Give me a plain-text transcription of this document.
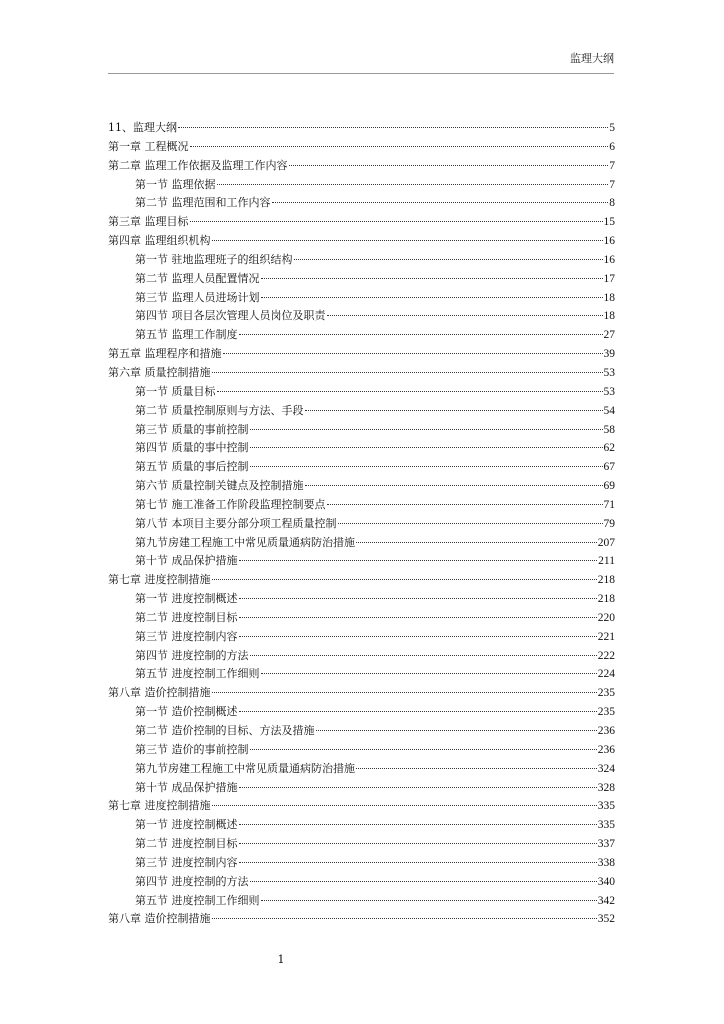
监理大纲
11、监理大纲	5
第一章 工程概况	6
第二章 监理工作依据及监理工作内容	7
第一节 监理依据	7
第二节 监理范围和工作内容	8
第三章 监理目标	15
第四章 监理组织机构	16
第一节 驻地监理班子的组织结构	16
第二节 监理人员配置情况	17
第三节 监理人员进场计划	18
第四节 项目各层次管理人员岗位及职责	18
第五节 监理工作制度	27
第五章 监理程序和措施	39
第六章 质量控制措施	53
第一节 质量目标	53
第二节 质量控制原则与方法、手段	54
第三节 质量的事前控制	58
第四节 质量的事中控制	62
第五节 质量的事后控制	67
第六节 质量控制关键点及控制措施	69
第七节 施工准备工作阶段监理控制要点	71
第八节 本项目主要分部分项工程质量控制	79
第九节房建工程施工中常见质量通病防治措施	207
第十节 成品保护措施	211
第七章 进度控制措施	218
第一节 进度控制概述	218
第二节 进度控制目标	220
第三节 进度控制内容	221
第四节 进度控制的方法	222
第五节 进度控制工作细则	224
第八章 造价控制措施	235
第一节 造价控制概述	235
第二节 造价控制的目标、方法及措施	236
第三节 造价的事前控制	236
第九节房建工程施工中常见质量通病防治措施	324
第十节 成品保护措施	328
第七章 进度控制措施	335
第一节 进度控制概述	335
第二节 进度控制目标	337
第三节 进度控制内容	338
第四节 进度控制的方法	340
第五节 进度控制工作细则	342
第八章 造价控制措施	352
1
